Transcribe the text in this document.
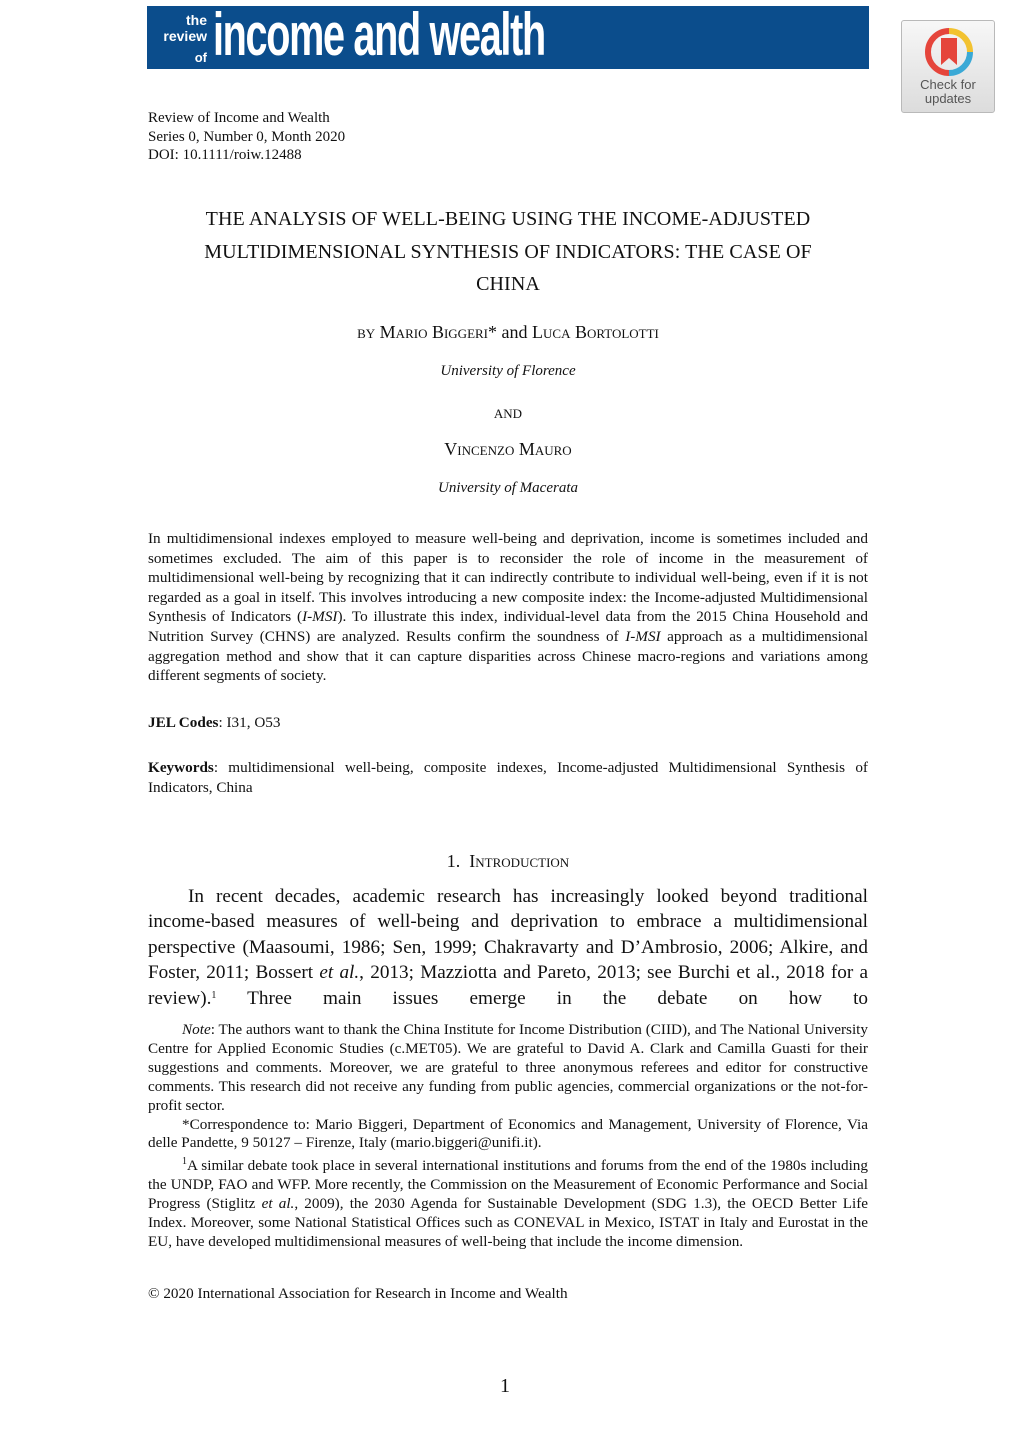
the
review
of income and wealth
Check for
updates
Review of Income and Wealth
Series 0, Number 0, Month 2020
DOI: 10.1111/roiw.12488
THE ANALYSIS OF WELL-BEING USING THE INCOME-ADJUSTED
MULTIDIMENSIONAL SYNTHESIS OF INDICATORS: THE CASE OF
CHINA
by Mario Biggeri* and Luca Bortolotti
University of Florence
and
Vincenzo Mauro
University of Macerata

In multidimensional indexes employed to measure well-being and deprivation, income is sometimes included and sometimes excluded. The aim of this paper is to reconsider the role of income in the measurement of multidimensional well-being by recognizing that it can indirectly contribute to individual well-being, even if it is not regarded as a goal in itself. This involves introducing a new composite index: the Income-adjusted Multidimensional Synthesis of Indicators (I-MSI). To illustrate this index, individual-level data from the 2015 China Household and Nutrition Survey (CHNS) are analyzed. Results confirm the soundness of I-MSI approach as a multidimensional aggregation method and show that it can capture disparities across Chinese macro-regions and variations among different segments of society.

JEL Codes: I31, O53
Keywords: multidimensional well-being, composite indexes, Income-adjusted Multidimensional Synthesis of Indicators, China
1. Introduction

In recent decades, academic research has increasingly looked beyond traditional income-based measures of well-being and deprivation to embrace a multidimensional perspective (Maasoumi, 1986; Sen, 1999; Chakravarty and D’Ambrosio, 2006; Alkire, and Foster, 2011; Bossert et al., 2013; Mazziotta and Pareto, 2013; see Burchi et al., 2018 for a review).$^1$ Three main issues emerge in the debate on how to

Note: The authors want to thank the China Institute for Income Distribution (CIID), and The National University Centre for Applied Economic Studies (c.MET05). We are grateful to David A. Clark and Camilla Guasti for their suggestions and comments. Moreover, we are grateful to three anonymous referees and editor for constructive comments. This research did not receive any funding from public agencies, commercial organizations or the not-for-profit sector.

*Correspondence to: Mario Biggeri, Department of Economics and Management, University of Florence, Via delle Pandette, 9 50127 – Firenze, Italy (mario.biggeri@unifi.it).

$^1$A similar debate took place in several international institutions and forums from the end of the 1980s including the UNDP, FAO and WFP. More recently, the Commission on the Measurement of Economic Performance and Social Progress (Stiglitz et al., 2009), the 2030 Agenda for Sustainable Development (SDG 1.3), the OECD Better Life Index. Moreover, some National Statistical Offices such as CONEVAL in Mexico, ISTAT in Italy and Eurostat in the EU, have developed multidimensional measures of well-being that include the income dimension.

© 2020 International Association for Research in Income and Wealth
1
